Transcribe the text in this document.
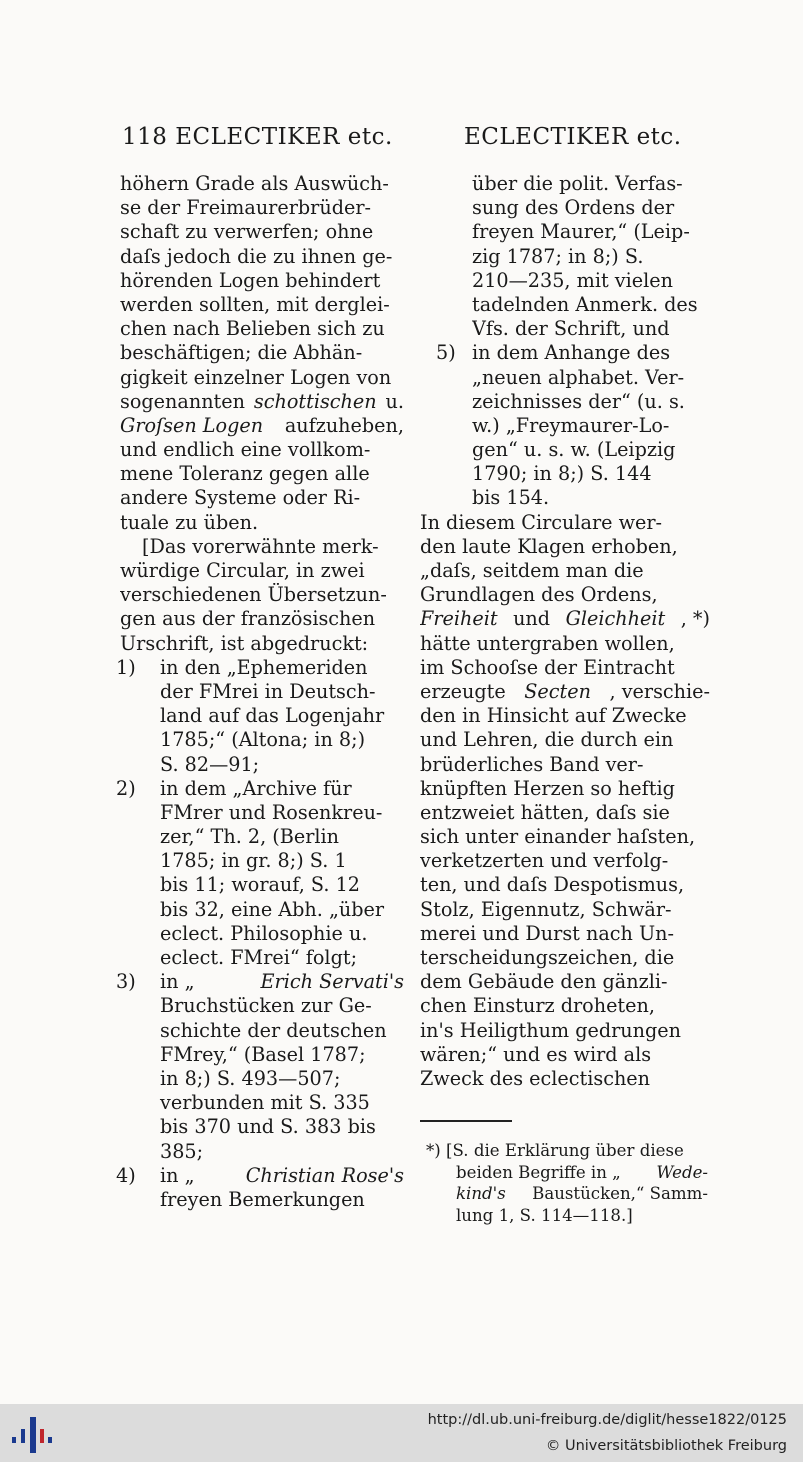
118 ECLECTIKER etc.	ECLECTIKER etc.
höhern Grade als Auswüch-
se der Freimaurerbrüder-
schaft zu verwerfen; ohne
daſs jedoch die zu ihnen ge-
hörenden Logen behindert
werden sollten, mit derglei-
chen nach Belieben sich zu
beschäftigen; die Abhän-
gigkeit einzelner Logen von
sogenannten schottischen u.
Groſsen Logen aufzuheben,
und endlich eine vollkom-
mene Toleranz gegen alle
andere Systeme oder Ri-
tuale zu üben.
[Das vorerwähnte merk-
würdige Circular, in zwei
verschiedenen Übersetzun-
gen aus der französischen
Urschrift, ist abgedruckt:
1)	in den „Ephemeriden
der FMrei in Deutsch-
land auf das Logenjahr
1785;“ (Altona; in 8;)
S. 82—91;
2)	in dem „Archive für
FMrer und Rosenkreu-
zer,“ Th. 2, (Berlin
1785; in gr. 8;) S. 1
bis 11; worauf, S. 12
bis 32, eine Abh. „über
eclect. Philosophie u.
eclect. FMrei“ folgt;
3)	in „	Erich Servati's
Bruchstücken zur Ge-
schichte der deutschen
FMrey,“ (Basel 1787;
in 8;) S. 493—507;
verbunden mit S. 335
bis 370 und S. 383 bis
385;
4)	in „	Christian Rose's
freyen Bemerkungen
über die polit. Verfas-
sung des Ordens der
freyen Maurer,“ (Leip-
zig 1787; in 8;) S.
210—235, mit vielen
tadelnden Anmerk. des
Vfs. der Schrift, und
5) in dem Anhange des
„neuen alphabet. Ver-
zeichnisses der“ (u. s.
w.) „Freymaurer-Lo-
gen“ u. s. w. (Leipzig
1790; in 8;) S. 144
bis 154.
In diesem Circulare wer-
den laute Klagen erhoben,
„daſs, seitdem man die
Grundlagen des Ordens,
Freiheit und Gleichheit , *)
hätte untergraben wollen,
im Schooſse der Eintracht
erzeugte Secten , verschie-
den in Hinsicht auf Zwecke
und Lehren, die durch ein
brüderliches Band ver-
knüpften Herzen so heftig
entzweiet hätten, daſs sie
sich unter einander haſsten,
verketzerten und verfolg-
ten, und daſs Despotismus,
Stolz, Eigennutz, Schwär-
merei und Durst nach Un-
terscheidungszeichen, die
dem Gebäude den gänzli-
chen Einsturz droheten,
in's Heiligthum gedrungen
wären;“ und es wird als
Zweck des eclectischen
*) [S. die Erklärung über diese
beiden Begriffe in „ Wede-
kind's Baustücken,“ Samm-
lung 1, S. 114—118.]
http://dl.ub.uni-freiburg.de/diglit/hesse1822/0125
© Universitätsbibliothek Freiburg
